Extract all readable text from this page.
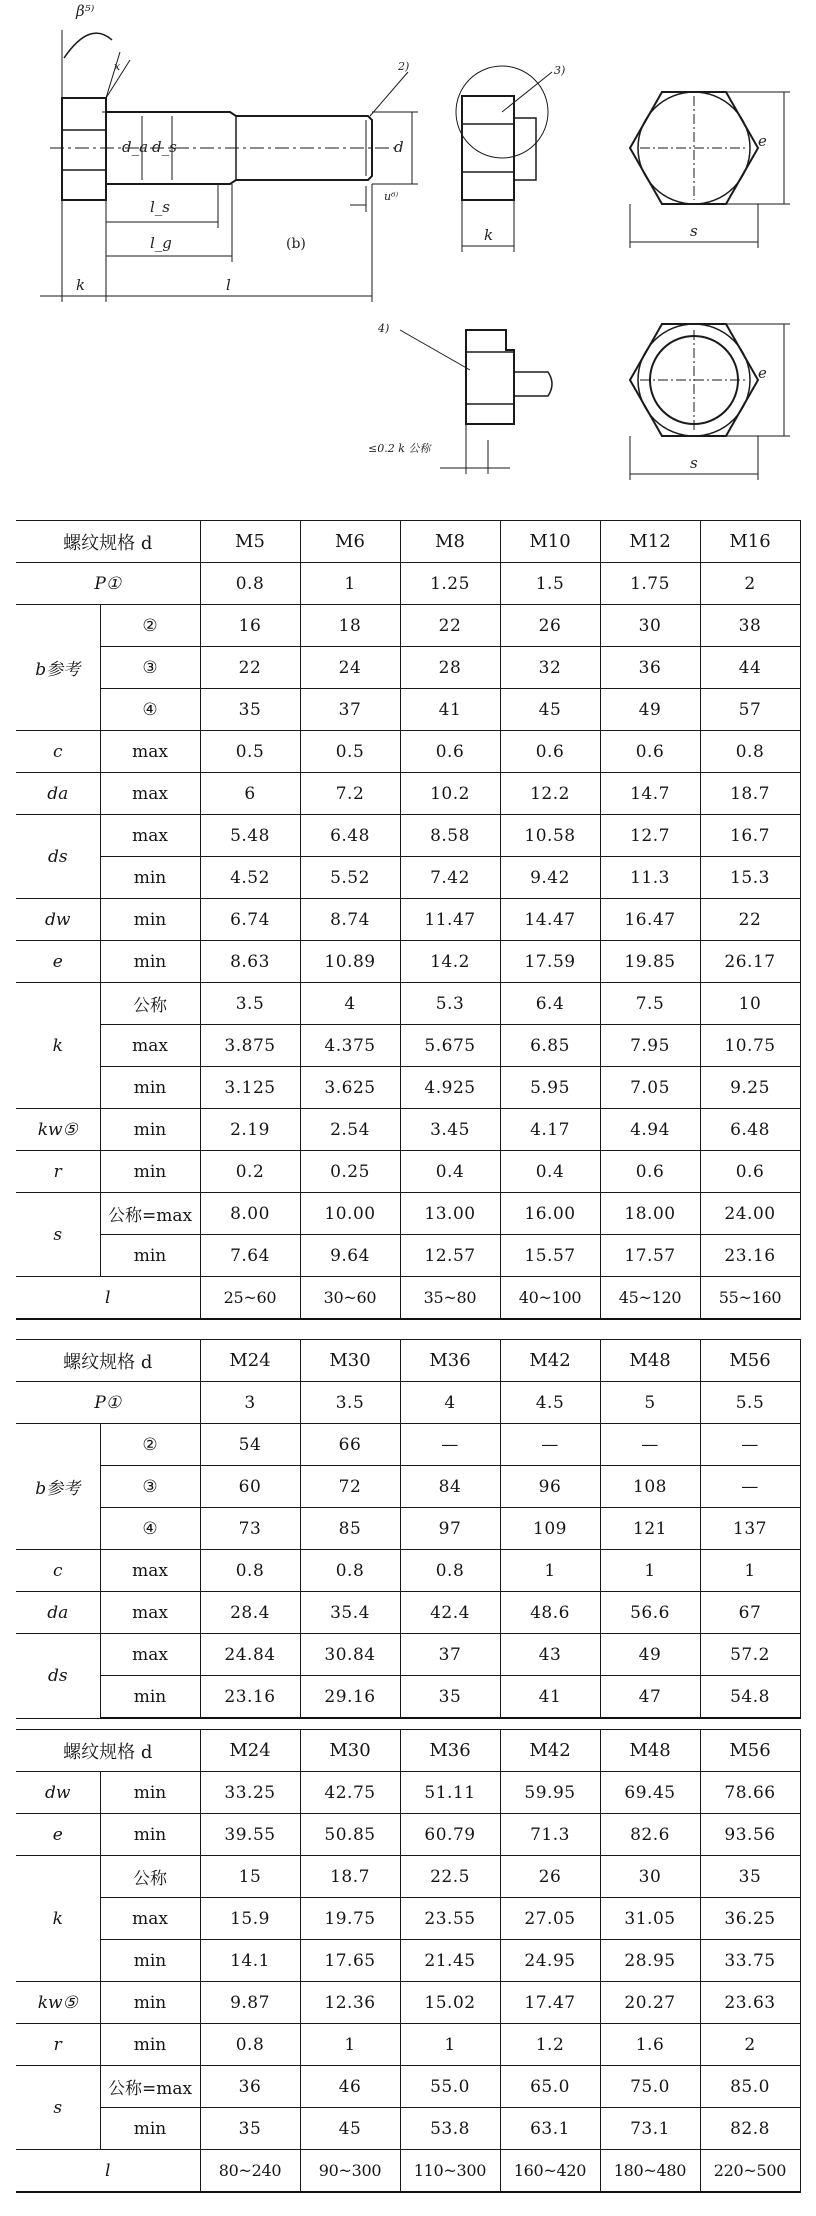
β⁵⁾
x	2)	3)
4)
d_a d_s	d
l_s
l_g	(b)
u⁶⁾
k
k	l
s
e
≤0.2 k 公称
s
e
螺纹规格 d		M5	M6	M8	M10	M12	M16	
P①		0.8	1	1.25	1.5	1.75	2	
b参考	②	16	18	22	26	30	38	
	③	22	24	28	32	36	44	
	④	35	37	41	45	49	57	
c	max	0.5	0.5	0.6	0.6	0.6	0.8	
da	max	6	7.2	10.2	12.2	14.7	18.7	
ds	max	5.48	6.48	8.58	10.58	12.7	16.7	
	min	4.52	5.52	7.42	9.42	11.3	15.3	
dw	min	6.74	8.74	11.47	14.47	16.47	22	
e	min	8.63	10.89	14.2	17.59	19.85	26.17	
k	公称	3.5	4	5.3	6.4	7.5	10	
	max	3.875	4.375	5.675	6.85	7.95	10.75	
	min	3.125	3.625	4.925	5.95	7.05	9.25	
kw⑤	min	2.19	2.54	3.45	4.17	4.94	6.48	
r	min	0.2	0.25	0.4	0.4	0.6	0.6	
s	公称=max	8.00	10.00	13.00	16.00	18.00	24.00	
	min	7.64	9.64	12.57	15.57	17.57	23.16	
l		25~60	30~60	35~80	40~100	45~120	55~160	
螺纹规格 d		M24	M30	M36	M42	M48	M56	
P①		3	3.5	4	4.5	5	5.5	
b参考	②	54	66	—	—	—	—	
	③	60	72	84	96	108	—	
	④	73	85	97	109	121	137	
c	max	0.8	0.8	0.8	1	1	1	
da	max	28.4	35.4	42.4	48.6	56.6	67	
ds	max	24.84	30.84	37	43	49	57.2	
	min	23.16	29.16	35	41	47	54.8	
螺纹规格 d		M24	M30	M36	M42	M48	M56	
dw	min	33.25	42.75	51.11	59.95	69.45	78.66	
e	min	39.55	50.85	60.79	71.3	82.6	93.56	
k	公称	15	18.7	22.5	26	30	35	
	max	15.9	19.75	23.55	27.05	31.05	36.25	
	min	14.1	17.65	21.45	24.95	28.95	33.75	
kw⑤	min	9.87	12.36	15.02	17.47	20.27	23.63	
r	min	0.8	1	1	1.2	1.6	2	
s	公称=max	36	46	55.0	65.0	75.0	85.0	
	min	35	45	53.8	63.1	73.1	82.8	
l		80~240	90~300	110~300	160~420	180~480	220~500	
